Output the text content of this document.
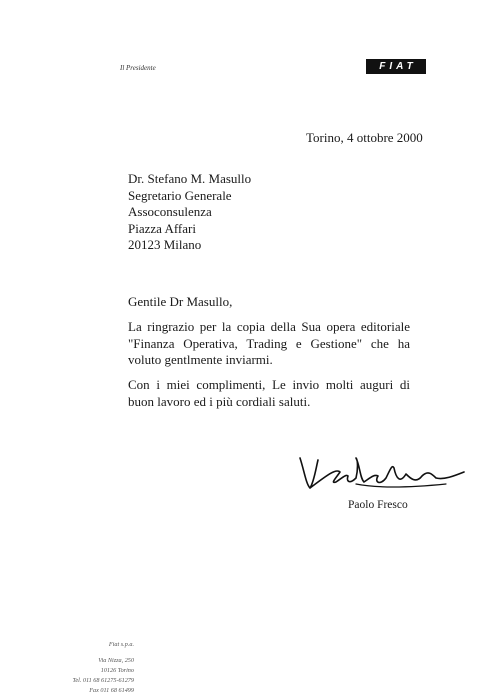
Il Presidente	FIAT
Torino, 4 ottobre 2000
Dr. Stefano M. Masullo
Segretario Generale
Assoconsulenza
Piazza Affari
20123 Milano
Gentile Dr Masullo,
La ringrazio per la copia della Sua opera editoriale "Finanza Operativa, Trading e Gestione" che ha voluto gentlmente inviarmi.
Con i miei complimenti, Le invio molti auguri di buon lavoro ed i più cordiali saluti.
Paolo Fresco
Fiat s.p.a.
Via Nizza, 250
10126 Torino
Tel. 011 68 61275-61279
Fax 011 68 61499
